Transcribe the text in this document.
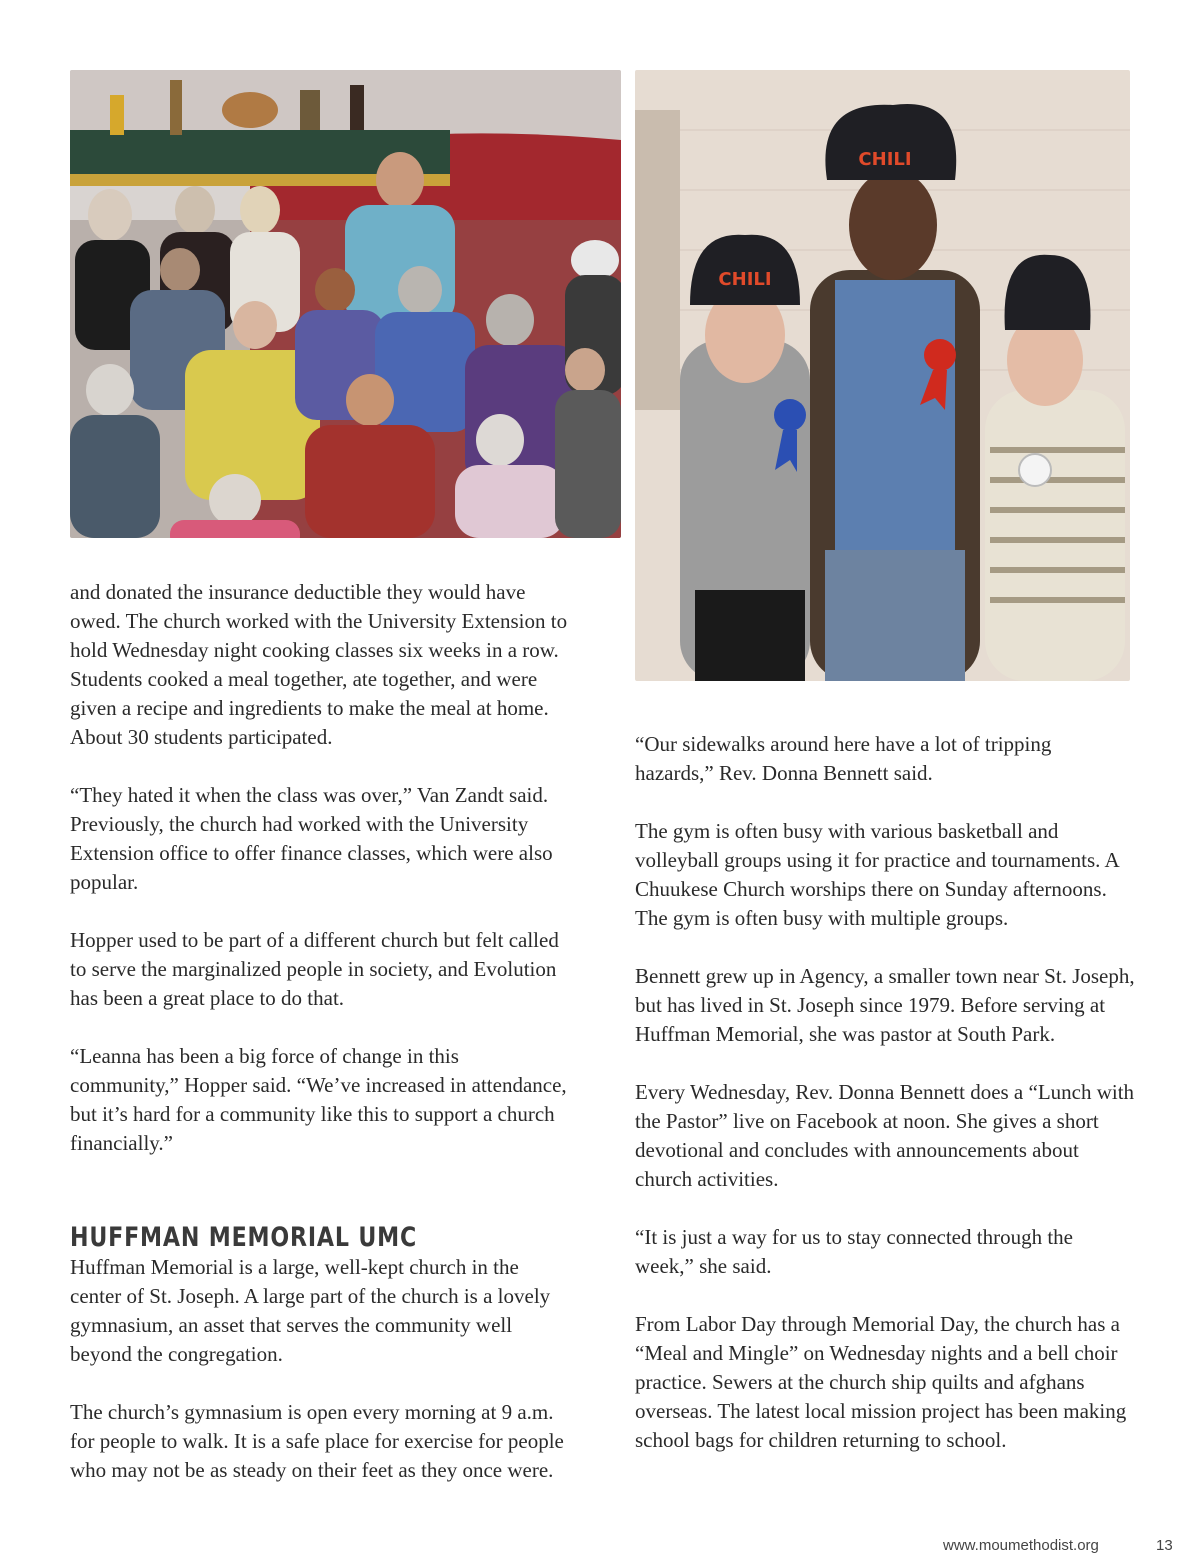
CHILI
CHILI

and donated the insurance deductible they would have owed. The church worked with the University Extension to hold Wednesday night cooking classes six weeks in a row. Students cooked a meal together, ate together, and were given a recipe and ingredients to make the meal at home. About 30 students participated.

“They hated it when the class was over,” Van Zandt said. Previously, the church had worked with the University Extension office to offer finance classes, which were also popular.

Hopper used to be part of a different church but felt called to serve the marginalized people in society, and Evolution has been a great place to do that.

“Leanna has been a big force of change in this community,” Hopper said. “We’ve increased in attendance, but it’s hard for a community like this to support a church financially.”

HUFFMAN MEMORIAL UMC

Huffman Memorial is a large, well-kept church in the center of St. Joseph. A large part of the church is a lovely gymnasium, an asset that serves the community well beyond the congregation.

The church’s gymnasium is open every morning at 9 a.m. for people to walk. It is a safe place for exercise for people who may not be as steady on their feet as they once were.

“Our sidewalks around here have a lot of tripping hazards,” Rev. Donna Bennett said.

The gym is often busy with various basketball and volleyball groups using it for practice and tournaments. A Chuukese Church worships there on Sunday afternoons. The gym is often busy with multiple groups.

Bennett grew up in Agency, a smaller town near St. Joseph, but has lived in St. Joseph since 1979. Before serving at Huffman Memorial, she was pastor at South Park.

Every Wednesday, Rev. Donna Bennett does a “Lunch with the Pastor” live on Facebook at noon. She gives a short devotional and concludes with announcements about church activities.

“It is just a way for us to stay connected through the week,” she said.

From Labor Day through Memorial Day, the church has a “Meal and Mingle” on Wednesday nights and a bell choir practice. Sewers at the church ship quilts and afghans overseas. The latest local mission project has been making school bags for children returning to school.

www.moumethodist.org	13
